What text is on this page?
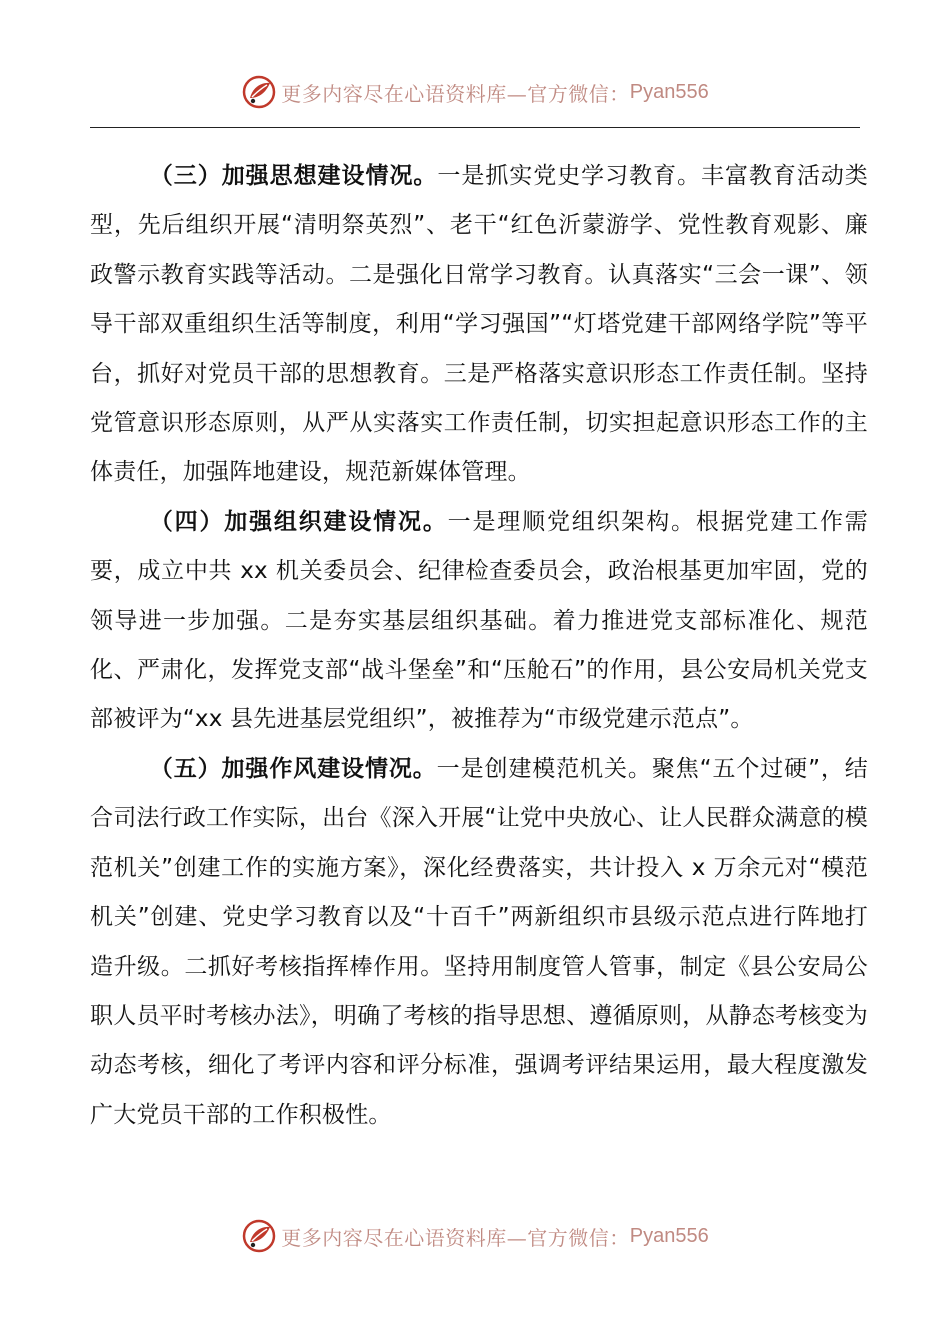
更多内容尽在心语资料库—官方微信： Pyan556

（三）加强思想建设情况。一是抓实党史学习教育。丰富教育活动类型，先后组织开展“清明祭英烈”、老干“红色沂蒙游学、党性教育观影、廉政警示教育实践等活动。二是强化日常学习教育。认真落实“三会一课”、领导干部双重组织生活等制度，利用“学习强国”“灯塔党建干部网络学院”等平台，抓好对党员干部的思想教育。三是严格落实意识形态工作责任制。坚持党管意识形态原则，从严从实落实工作责任制，切实担起意识形态工作的主体责任，加强阵地建设，规范新媒体管理。

（四）加强组织建设情况。一是理顺党组织架构。根据党建工作需要，成立中共 xx 机关委员会、纪律检查委员会，政治根基更加牢固，党的领导进一步加强。二是夯实基层组织基础。着力推进党支部标准化、规范化、严肃化，发挥党支部“战斗堡垒”和“压舱石”的作用，县公安局机关党支部被评为“xx 县先进基层党组织”，被推荐为“市级党建示范点”。

（五）加强作风建设情况。一是创建模范机关。聚焦“五个过硬”，结合司法行政工作实际，出台《深入开展“让党中央放心、让人民群众满意的模范机关”创建工作的实施方案》，深化经费落实，共计投入 x 万余元对“模范机关”创建、党史学习教育以及“十百千”两新组织市县级示范点进行阵地打造升级。二抓好考核指挥棒作用。坚持用制度管人管事，制定《县公安局公职人员平时考核办法》，明确了考核的指导思想、遵循原则，从静态考核变为动态考核，细化了考评内容和评分标准，强调考评结果运用，最大程度激发广大党员干部的工作积极性。

更多内容尽在心语资料库—官方微信： Pyan556
